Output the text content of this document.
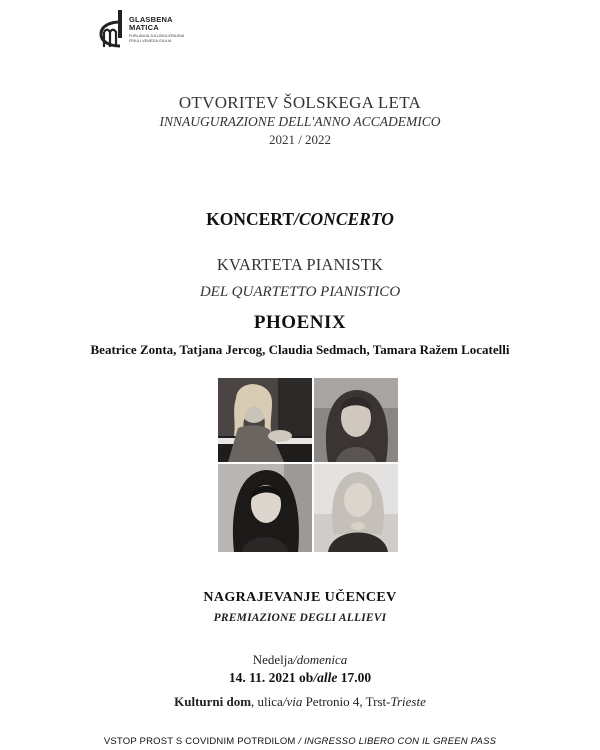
GLASBENA
MATICA
FURLANIJA JULIJSKA KRAJINA
FRIULI VENEZIA GIULIA
OTVORITEV ŠOLSKEGA LETA
INNAUGURAZIONE DELL'ANNO ACCADEMICO
2021 / 2022
KONCERT/CONCERTO
KVARTETA PIANISTK
DEL QUARTETTO PIANISTICO
PHOENIX
Beatrice Zonta, Tatjana Jercog, Claudia Sedmach, Tamara Ražem Locatelli
NAGRAJEVANJE UČENCEV
PREMIAZIONE DEGLI ALLIEVI
Nedelja/domenica
14. 11. 2021 ob/alle 17.00
Kulturni dom, ulica/via Petronio 4, Trst-Trieste
VSTOP PROST S COVIDNIM POTRDILOM / INGRESSO LIBERO CON IL GREEN PASS
